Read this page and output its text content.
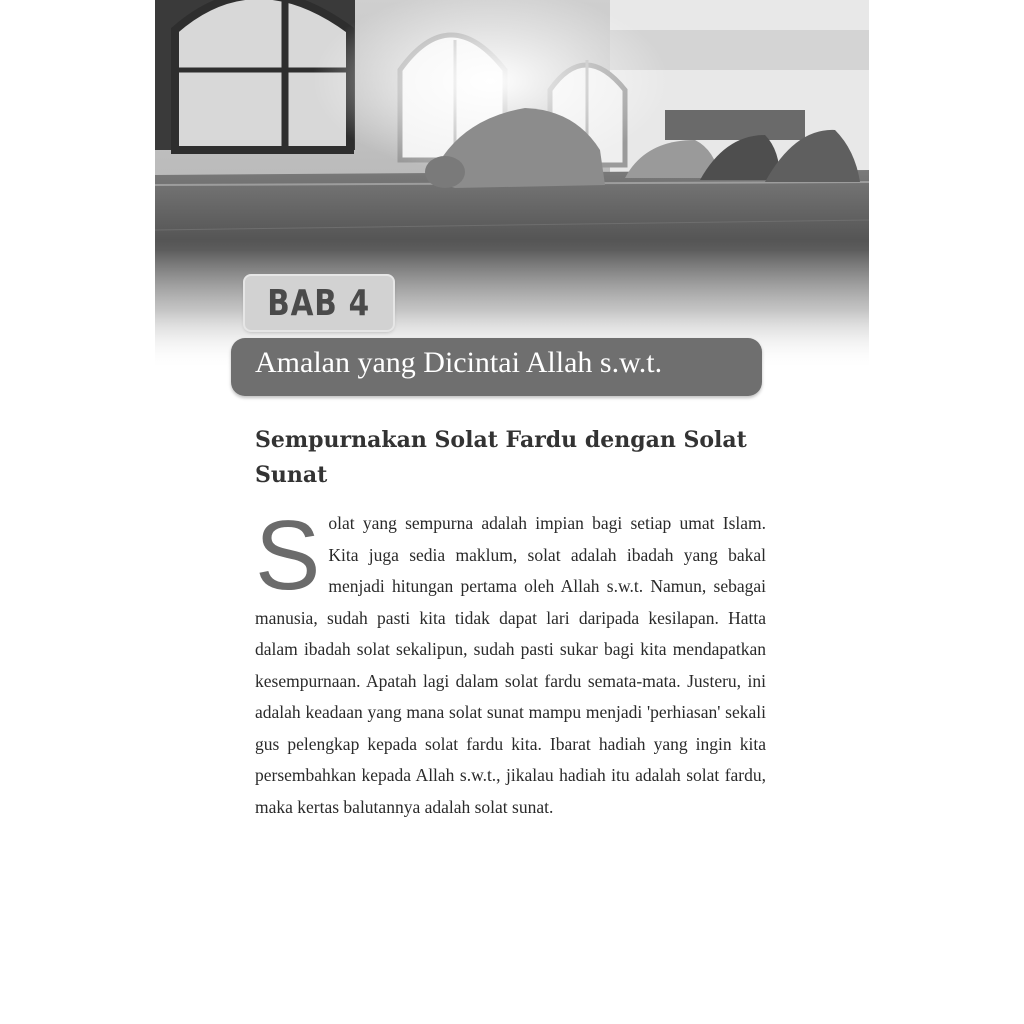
BAB 4
Amalan yang Dicintai Allah s.w.t.
Sempurnakan Solat Fardu dengan Solat Sunat

Solat yang sempurna adalah impian bagi setiap umat Islam. Kita juga sedia maklum, solat adalah ibadah yang bakal menjadi hitungan pertama oleh Allah s.w.t. Namun, sebagai manusia, sudah pasti kita tidak dapat lari daripada kesilapan. Hatta dalam ibadah solat sekalipun, sudah pasti sukar bagi kita mendapatkan kesempurnaan. Apatah lagi dalam solat fardu semata-mata. Justeru, ini adalah keadaan yang mana solat sunat mampu menjadi 'perhiasan' sekali gus pelengkap kepada solat fardu kita. Ibarat hadiah yang ingin kita persembahkan kepada Allah s.w.t., jikalau hadiah itu adalah solat fardu, maka kertas balutannya adalah solat sunat.
